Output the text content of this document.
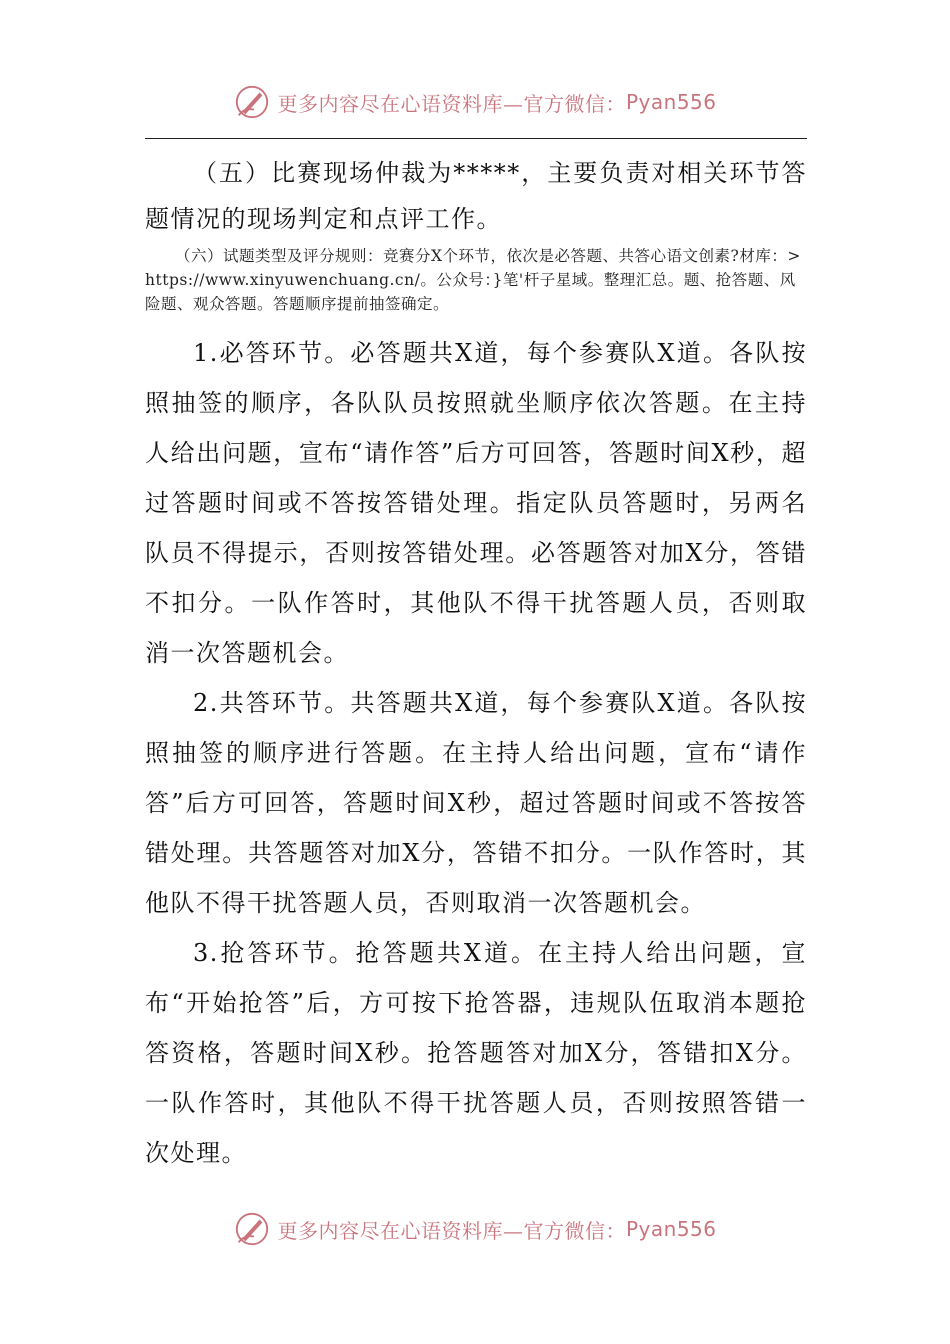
更多内容尽在心语资料库—官方微信： Pyan556

（五）比赛现场仲裁为*****，主要负责对相关环节答题情况的现场判定和点评工作。

（六）试题类型及评分规则：竞赛分X个环节，依次是必答题、共答心语文创素?材库：>https://www.xinyuwenchuang.cn/。公众号：}笔'杆子星域。整理汇总。题、抢答题、风险题、观众答题。答题顺序提前抽签确定。

1.必答环节。必答题共X道，每个参赛队X道。各队按照抽签的顺序，各队队员按照就坐顺序依次答题。在主持人给出问题，宣布“请作答”后方可回答，答题时间X秒，超过答题时间或不答按答错处理。指定队员答题时，另两名队员不得提示，否则按答错处理。必答题答对加X分，答错不扣分。一队作答时，其他队不得干扰答题人员，否则取消一次答题机会。

2.共答环节。共答题共X道，每个参赛队X道。各队按照抽签的顺序进行答题。在主持人给出问题，宣布“请作答”后方可回答，答题时间X秒，超过答题时间或不答按答错处理。共答题答对加X分，答错不扣分。一队作答时，其他队不得干扰答题人员，否则取消一次答题机会。

3.抢答环节。抢答题共X道。在主持人给出问题，宣布“开始抢答”后，方可按下抢答器，违规队伍取消本题抢答资格，答题时间X秒。抢答题答对加X分，答错扣X分。一队作答时，其他队不得干扰答题人员，否则按照答错一次处理。

更多内容尽在心语资料库—官方微信： Pyan556
